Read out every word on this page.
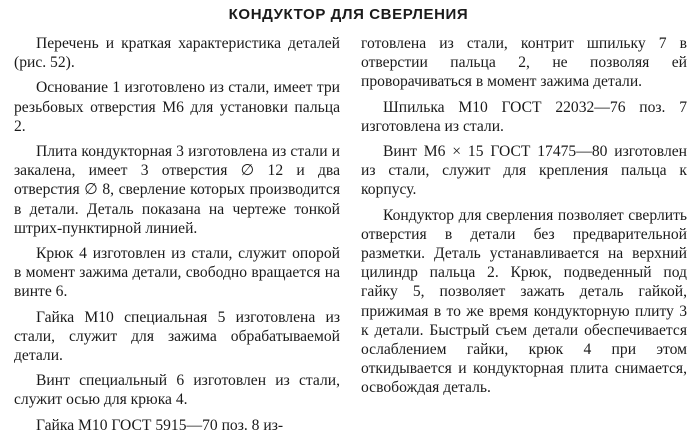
КОНДУКТОР ДЛЯ СВЕРЛЕНИЯ

Перечень и краткая характеристика деталей (рис. 52).

Основание 1 изготовлено из стали, имеет три резьбовых отверстия М6 для установки пальца 2.

Плита кондукторная 3 изготовлена из стали и закалена, имеет 3 отверстия ∅ 12 и два отверстия ∅ 8, сверление которых производится в детали. Деталь показана на чертеже тонкой штрих-пунктирной линией.

Крюк 4 изготовлен из стали, служит опорой в момент зажима детали, свободно вращается на винте 6.

Гайка М10 специальная 5 изготовлена из стали, служит для зажима обрабатываемой детали.

Винт специальный 6 изготовлен из стали, служит осью для крюка 4.

Гайка М10 ГОСТ 5915—70 поз. 8 из-

готовлена из стали, контрит шпильку 7 в отверстии пальца 2, не позволяя ей проворачиваться в момент зажима детали.

Шпилька М10 ГОСТ 22032—76 поз. 7 изготовлена из стали.

Винт М6 × 15 ГОСТ 17475—80 изготовлен из стали, служит для крепления пальца к корпусу.

Кондуктор для сверления позволяет сверлить отверстия в детали без предварительной разметки. Деталь устанавливается на верхний цилиндр пальца 2. Крюк, подведенный под гайку 5, позволяет зажать деталь гайкой, прижимая в то же время кондукторную плиту 3 к детали. Быстрый съем детали обеспечивается ослаблением гайки, крюк 4 при этом откидывается и кондукторная плита снимается, освобождая деталь.
